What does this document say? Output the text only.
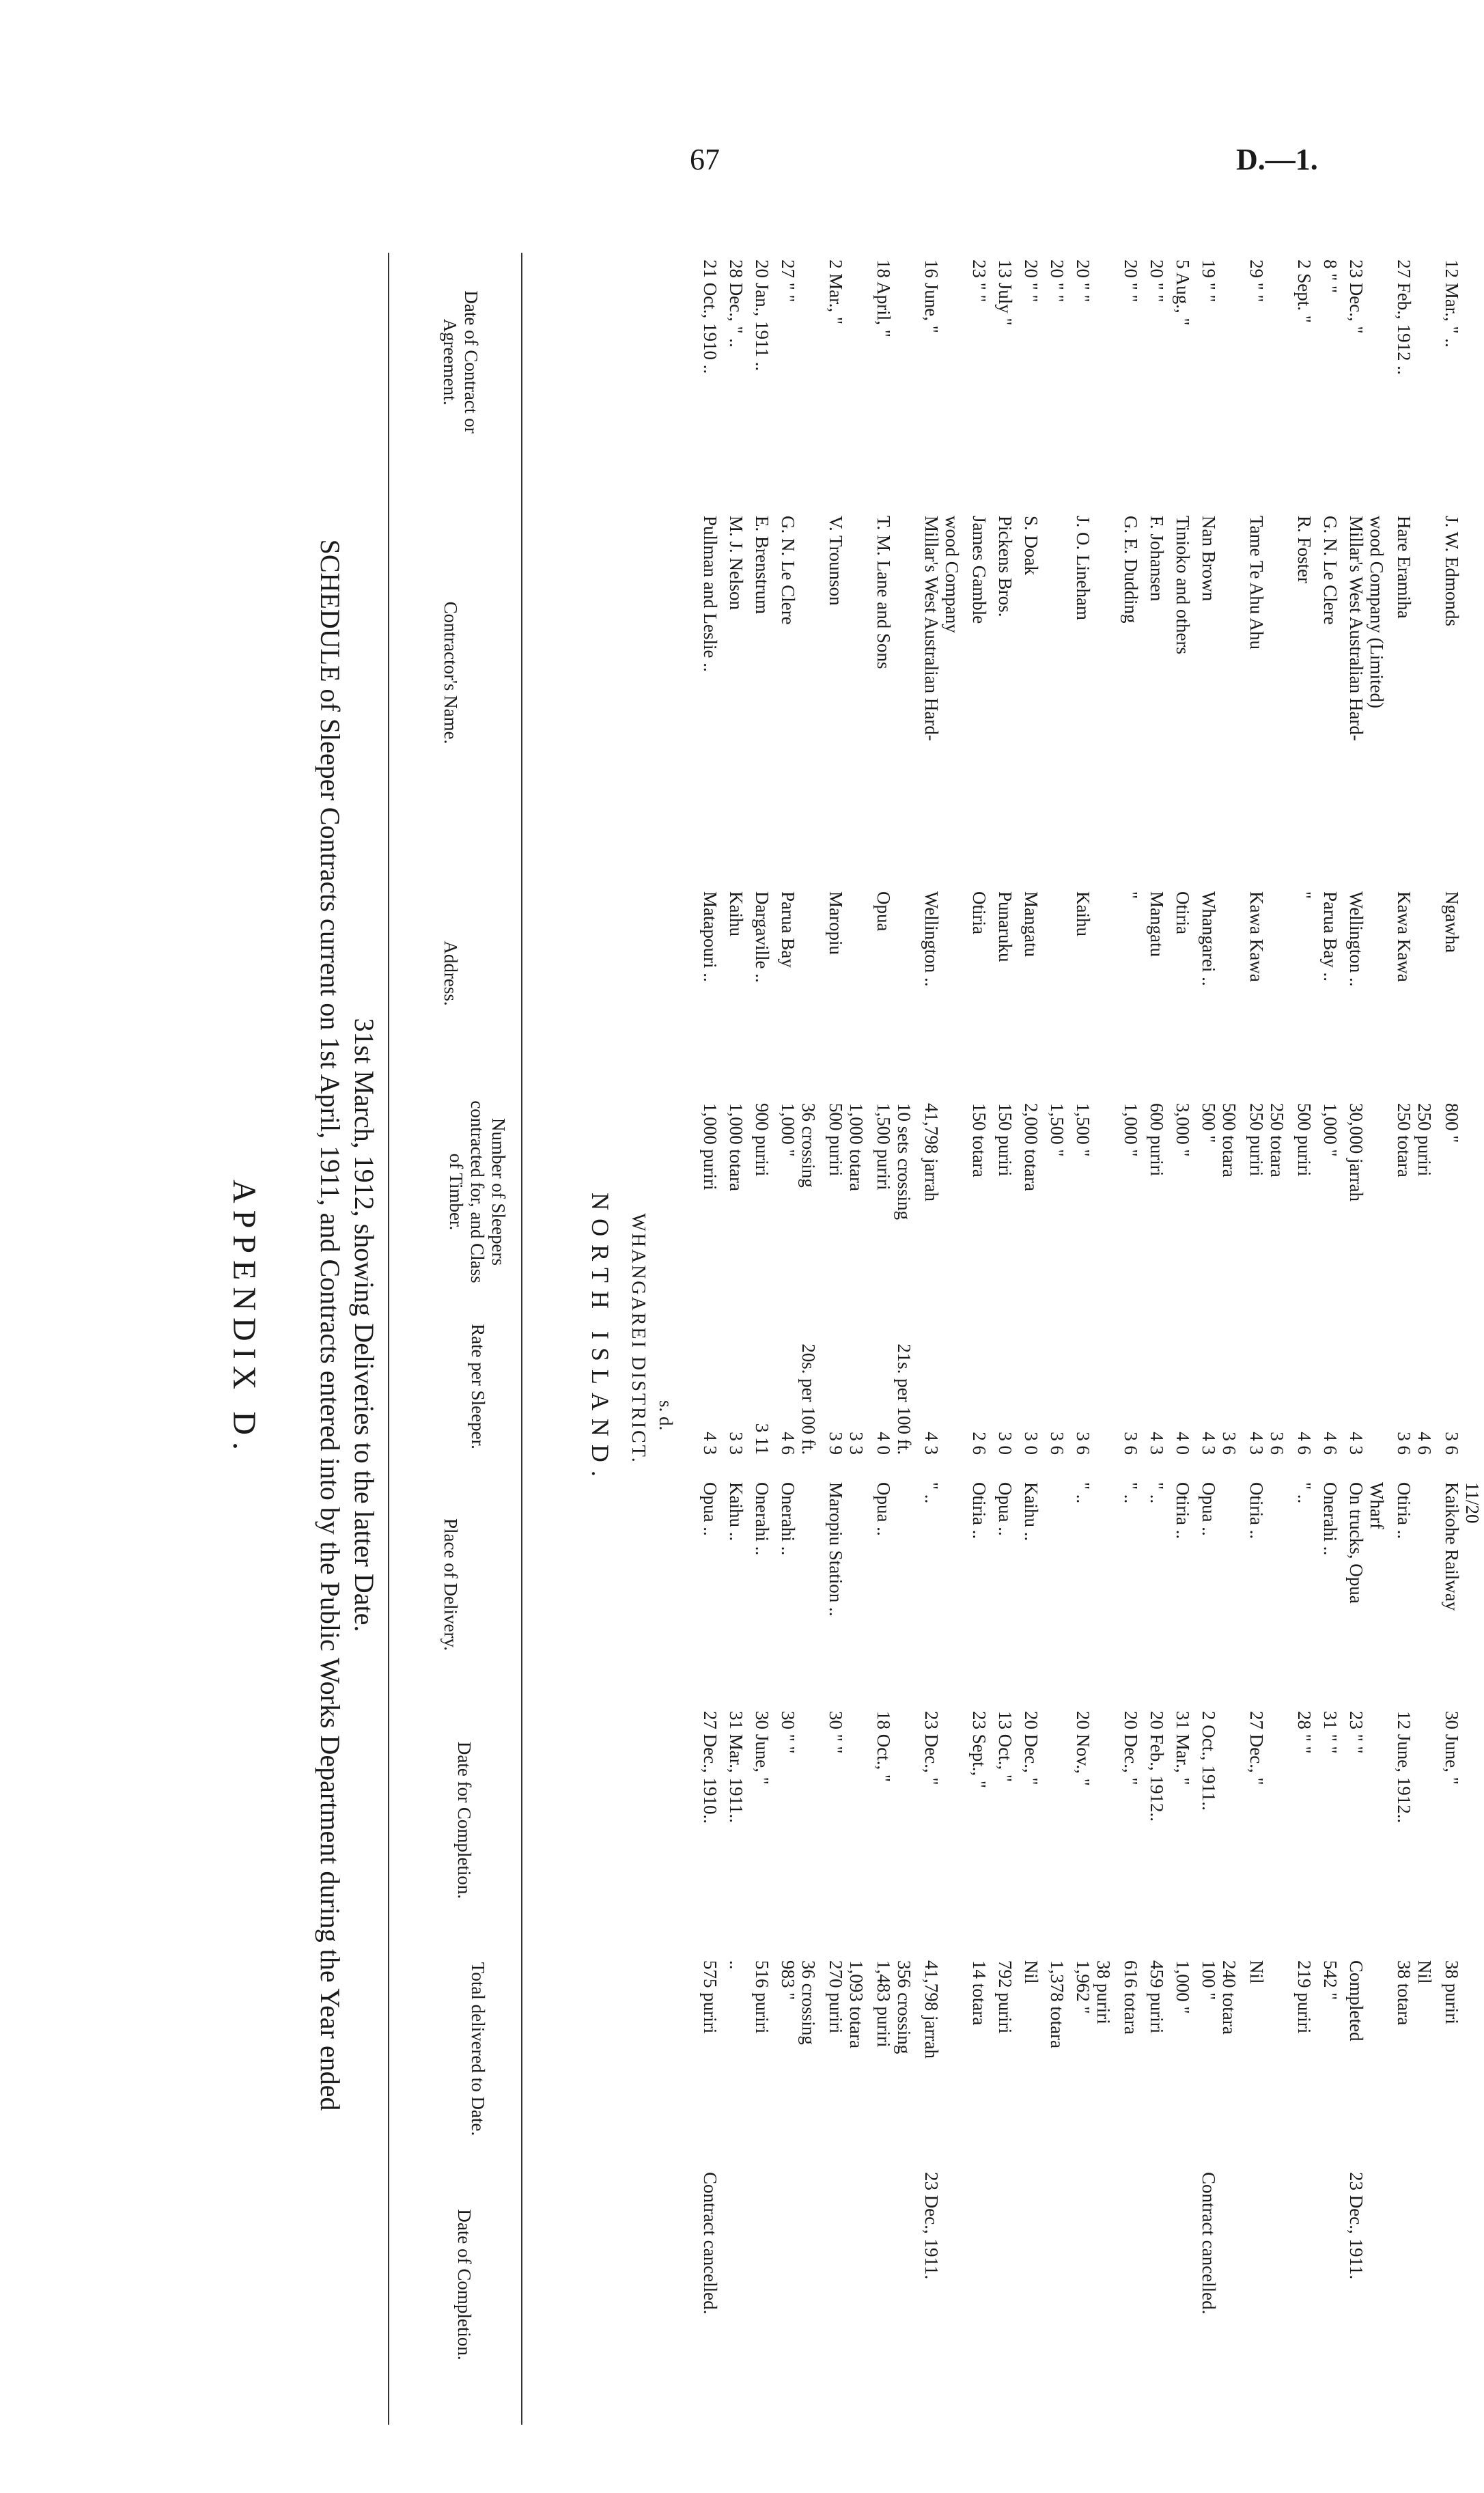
67	D.—1.
APPENDIX D. SCHEDULE of Sleeper Contracts current on 1st April, 1911, and Contracts entered into by the Public Works Department during the Year ended 31st March, 1912, showing Deliveries to the latter Date.
Date of Contract or Agreement.
Contractor's Name.
Address.
Number of Sleepers contracted for, and Class of Timber.
Rate per Sleeper.
Place of Delivery.
Date for Completion.
Total delivered to Date.
Date of Completion.
NORTH ISLAND. WHANGAREI DISTRICT. s. d.
21 Oct., 1910 ..
Pullman and Leslie ..
Matapouri ..
1,000 puriri
4 3
Opua ..
27 Dec., 1910..
575 puriri
Contract cancelled.
28 Dec., " ..
M. J. Nelson
Kaihu
1,000 totara
3 3
Kaihu ..
31 Mar., 1911..
..
20 Jan., 1911 ..
E. Brenstrum
Dargaville ..
900 puriri
3 11
Onerahi ..
30 June, "
516 puriri
27 " "
G. N. Le Clere
Parua Bay
1,000 "
4 6
Onerahi ..
30 " "
983 "
36 crossing
20s. per 100 ft.
36 crossing
2 Mar., "
V. Trounson
Maropiu
500 puriri
3 9
Maropiu Station ..
30 " "
270 puriri
1,000 totara
3 3
1,093 totara
18 April, "
T. M. Lane and Sons
Opua
1,500 puriri
4 0
Opua ..
18 Oct., "
1,483 puriri
10 sets crossing
21s. per 100 ft.
356 crossing
16 June, "
Millar's West Australian Hard-
Wellington ..
41,798 jarrah
4 3
" ..
23 Dec., "
41,798 jarrah
23 Dec., 1911.
wood Company
23 " "
James Gamble
Otiria
150 totara
2 6
Otiria ..
23 Sept., "
14 totara
13 July "
Pickens Bros.
Punaruku
150 puriri
3 0
Opua ..
13 Oct., "
792 puriri
20 " "
S. Doak
Mangatu
2,000 totara
3 0
Kaihu ..
20 Dec., "
Nil
20 " "
1,500 "
3 6
1,378 totara
20 " "
J. O. Lineham
Kaihu
1,500 "
3 6
" ..
20 Nov., "
1,962 " 38 puriri
20 " "
G. E. Dudding
"
1,000 "
3 6
" ..
20 Dec., "
616 totara
20 " "
F. Johansen
Mangatu
600 puriri
4 3
" ..
20 Feb., 1912..
459 puriri
5 Aug., "
Tinioko and others
Otiria
3,000 "
4 0
Otiria ..
31 Mar., "
1,000 "
19 " "
Nan Brown
Whangarei ..
500 "
4 3
Opua ..
2 Oct., 1911..
100 "
Contract cancelled.
500 totara
3 6
240 totara
29 " "
Tame Te Ahu Ahu
Kawa Kawa
250 puriri
4 3
Otiria ..
27 Dec., "
Nil
250 totara
3 6
2 Sept. "
R. Foster
"
500 puriri
4 6
" ..
28 " "
219 puriri
8 " "
G. N. Le Clere
Parua Bay ..
1,000 "
4 6
Onerahi ..
31 " "
542 "
23 Dec., "
Millar's West Australian Hard-
Wellington ..
30,000 jarrah
4 3
On trucks, Opua
23 " "
Completed
23 Dec., 1911.
wood Company (Limited)
Wharf
27 Feb., 1912 ..
Hare Eramiha
Kawa Kawa
250 totara
3 6
Otiria ..
12 June, 1912..
38 totara
250 puriri
4 6
Nil
12 Mar., " ..
J. W. Edmonds
Ngawha
800 "
3 6
Kaikohe Railway
30 June, "
38 puriri
11/20
